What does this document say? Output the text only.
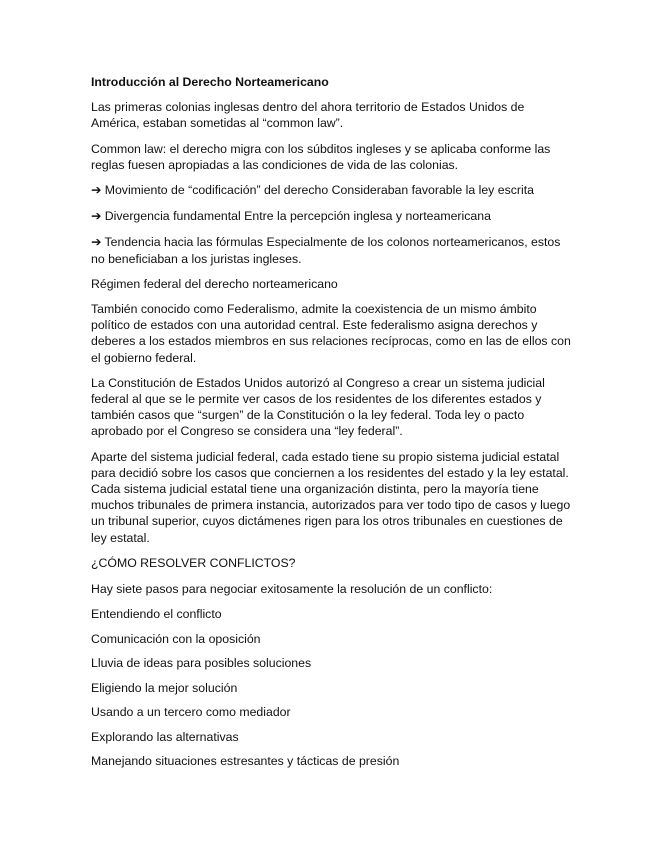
Introducción al Derecho Norteamericano

Las primeras colonias inglesas dentro del ahora territorio de Estados Unidos de América, estaban sometidas al “common law”.

Common law: el derecho migra con los súbditos ingleses y se aplicaba conforme las reglas fuesen apropiadas a las condiciones de vida de las colonias.

➔ Movimiento de “codificación” del derecho Consideraban favorable la ley escrita

➔ Divergencia fundamental Entre la percepción inglesa y norteamericana

➔ Tendencia hacia las fórmulas Especialmente de los colonos norteamericanos, estos no beneficiaban a los juristas ingleses.

Régimen federal del derecho norteamericano

También conocido como Federalismo, admite la coexistencia de un mismo ámbito político de estados con una autoridad central. Este federalismo asigna derechos y deberes a los estados miembros en sus relaciones recíprocas, como en las de ellos con el gobierno federal.

La Constitución de Estados Unidos autorizó al Congreso a crear un sistema judicial federal al que se le permite ver casos de los residentes de los diferentes estados y también casos que “surgen” de la Constitución o la ley federal. Toda ley o pacto aprobado por el Congreso se considera una “ley federal”.

Aparte del sistema judicial federal, cada estado tiene su propio sistema judicial estatal para decidió sobre los casos que conciernen a los residentes del estado y la ley estatal. Cada sistema judicial estatal tiene una organización distinta, pero la mayoría tiene muchos tribunales de primera instancia, autorizados para ver todo tipo de casos y luego un tribunal superior, cuyos dictámenes rigen para los otros tribunales en cuestiones de ley estatal.

¿CÓMO RESOLVER CONFLICTOS?

Hay siete pasos para negociar exitosamente la resolución de un conflicto:

Entendiendo el conflicto

Comunicación con la oposición

Lluvia de ideas para posibles soluciones

Eligiendo la mejor solución

Usando a un tercero como mediador

Explorando las alternativas

Manejando situaciones estresantes y tácticas de presión
